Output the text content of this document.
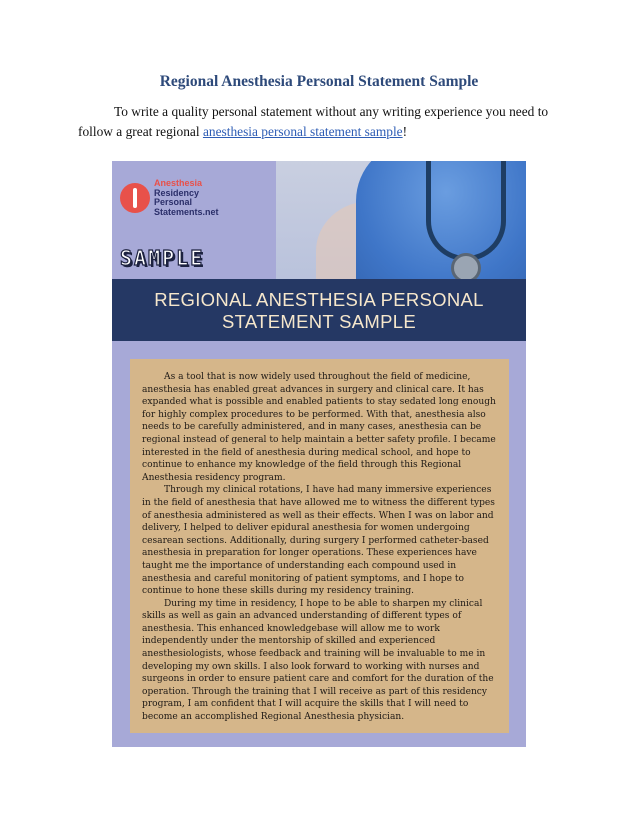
Regional Anesthesia Personal Statement Sample
To write a quality personal statement without any writing experience you need to follow a great regional anesthesia personal statement sample!
Anesthesia
Residency
Personal
Statements.net
SAMPLE
REGIONAL ANESTHESIA PERSONAL
STATEMENT SAMPLE

As a tool that is now widely used throughout the field of medicine, anesthesia has enabled great advances in surgery and clinical care. It has expanded what is possible and enabled patients to stay sedated long enough for highly complex procedures to be performed. With that, anesthesia also needs to be carefully administered, and in many cases, anesthesia can be regional instead of general to help maintain a better safety profile. I became interested in the field of anesthesia during medical school, and hope to continue to enhance my knowledge of the field through this Regional Anesthesia residency program.

Through my clinical rotations, I have had many immersive experiences in the field of anesthesia that have allowed me to witness the different types of anesthesia administered as well as their effects. When I was on labor and delivery, I helped to deliver epidural anesthesia for women undergoing cesarean sections. Additionally, during surgery I performed catheter-based anesthesia in preparation for longer operations. These experiences have taught me the importance of understanding each compound used in anesthesia and careful monitoring of patient symptoms, and I hope to continue to hone these skills during my residency training.

During my time in residency, I hope to be able to sharpen my clinical skills as well as gain an advanced understanding of different types of anesthesia. This enhanced knowledgebase will allow me to work independently under the mentorship of skilled and experienced anesthesiologists, whose feedback and training will be invaluable to me in developing my own skills. I also look forward to working with nurses and surgeons in order to ensure patient care and comfort for the duration of the operation. Through the training that I will receive as part of this residency program, I am confident that I will acquire the skills that I will need to become an accomplished Regional Anesthesia physician.
